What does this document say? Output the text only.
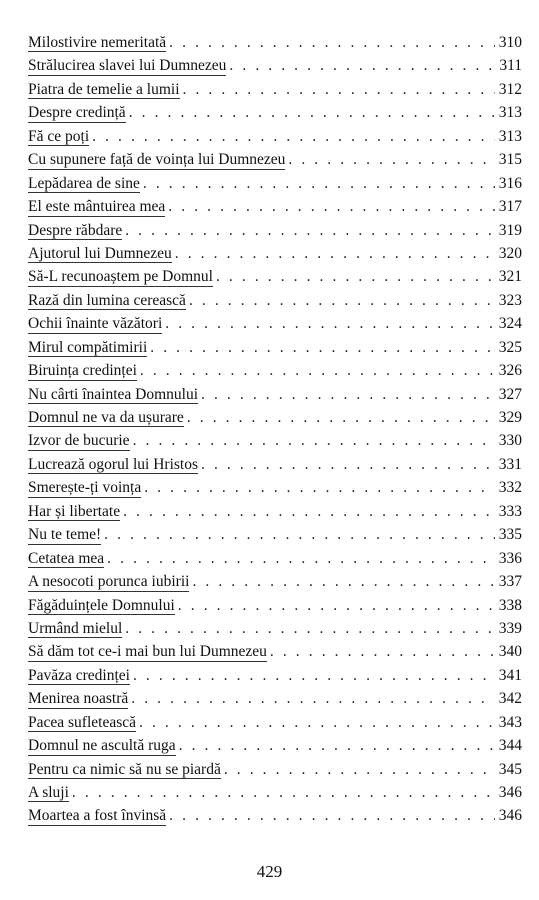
Milostivire nemeritată . . .	310
Strălucirea slavei lui Dumnezeu . . .	311
Piatra de temelie a lumii . . .	312
Despre credință . . .	313
Fă ce poți . . .	313
Cu supunere față de voința lui Dumnezeu . . .	315
Lepădarea de sine . . .	316
El este mântuirea mea . . .	317
Despre răbdare . . .	319
Ajutorul lui Dumnezeu . . .	320
Să-L recunoaștem pe Domnul . . .	321
Rază din lumina cerească . . .	323
Ochii înainte văzători . . .	324
Mirul compătimirii . . .	325
Biruința credinței . . .	326
Nu cârti înaintea Domnului . . .	327
Domnul ne va da ușurare . . .	329
Izvor de bucurie . . .	330
Lucrează ogorul lui Hristos . . .	331
Smerește-ți voința . . .	332
Har și libertate . . .	333
Nu te teme! . . .	335
Cetatea mea . . .	336
A nesocoti porunca iubirii . . .	337
Făgăduințele Domnului . . .	338
Urmând mielul . . .	339
Să dăm tot ce-i mai bun lui Dumnezeu . . .	340
Pavăza credinței . . .	341
Menirea noastră . . .	342
Pacea sufletească . . .	343
Domnul ne ascultă ruga . . .	344
Pentru ca nimic să nu se piardă . . .	345
A sluji . . .	346
Moartea a fost învinsă . . .	346
429
